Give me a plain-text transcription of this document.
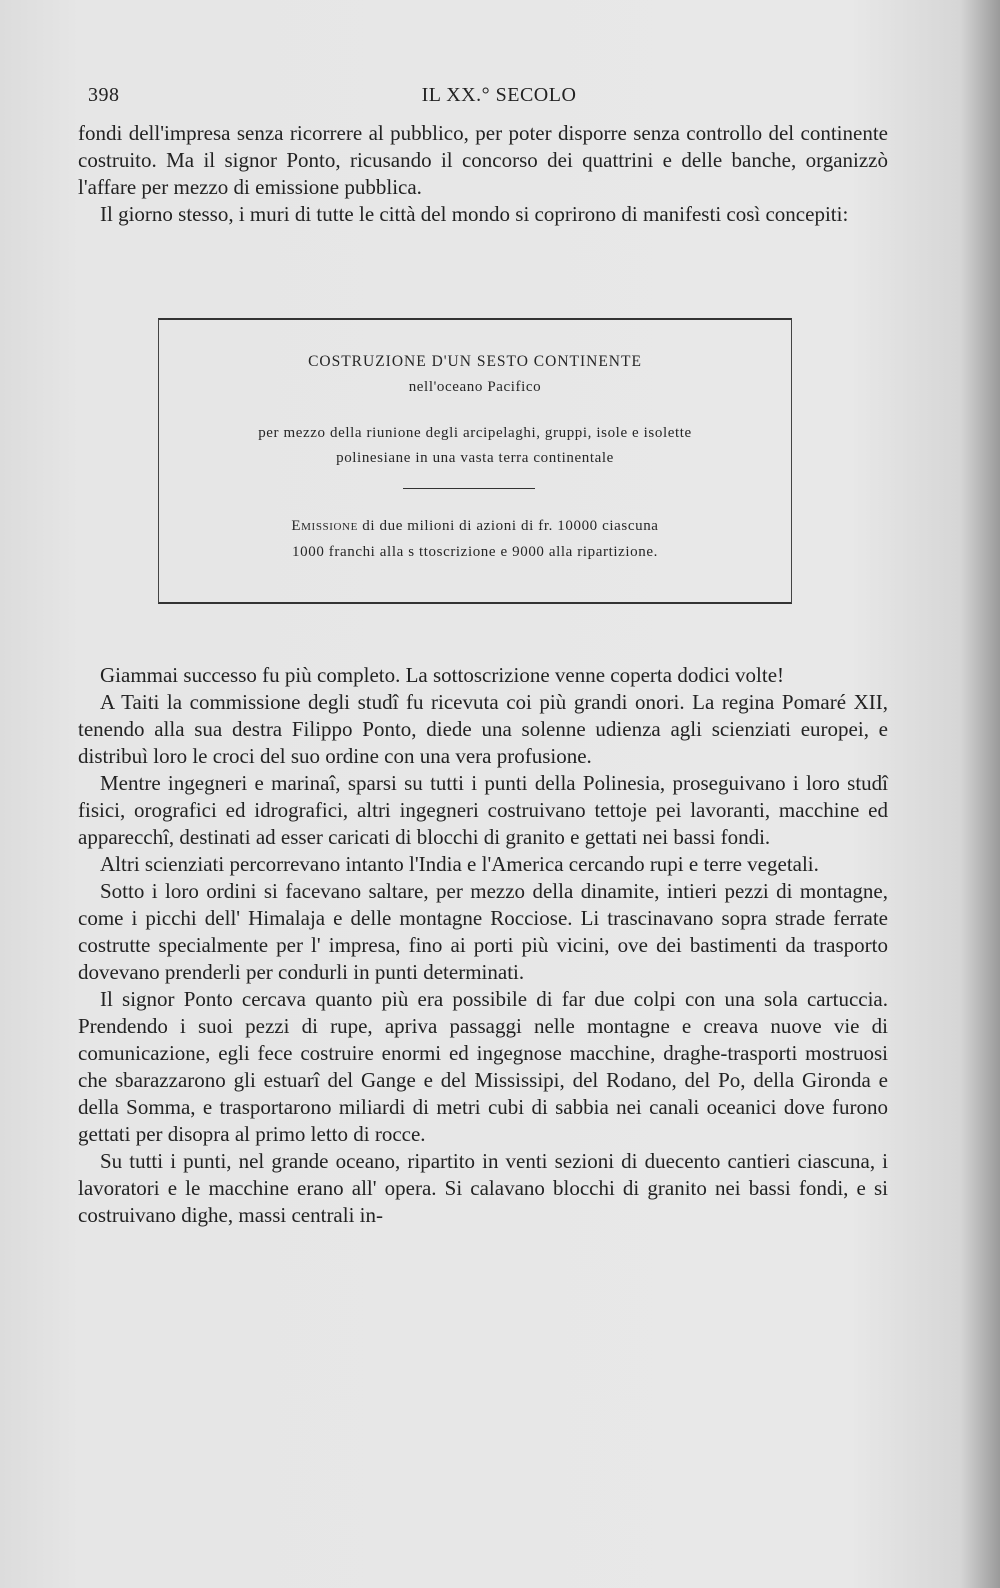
398	IL XX.° SECOLO

fondi dell'impresa senza ricorrere al pubblico, per poter disporre senza controllo del continente costruito. Ma il signor Ponto, ricusando il concorso dei quattrini e delle banche, organizzò l'affare per mezzo di emissione pubblica.

Il giorno stesso, i muri di tutte le città del mondo si coprirono di manifesti così concepiti:

COSTRUZIONE D'UN SESTO CONTINENTE
nell'oceano Pacifico
per mezzo della riunione degli arcipelaghi, gruppi, isole e isolette
polinesiane in una vasta terra continentale
Emissione di due milioni di azioni di fr. 10000 ciascuna
1000 franchi alla s ttoscrizione e 9000 alla ripartizione.

Giammai successo fu più completo. La sottoscrizione venne coperta dodici volte!

A Taiti la commissione degli studî fu ricevuta coi più grandi onori. La regina Pomaré XII, tenendo alla sua destra Filippo Ponto, diede una solenne udienza agli scienziati europei, e distribuì loro le croci del suo ordine con una vera profusione.

Mentre ingegneri e marinaî, sparsi su tutti i punti della Polinesia, proseguivano i loro studî fisici, orografici ed idrografici, altri ingegneri costruivano tettoje pei lavoranti, macchine ed apparecchî, destinati ad esser caricati di blocchi di granito e gettati nei bassi fondi.

Altri scienziati percorrevano intanto l'India e l'America cercando rupi e terre vegetali.

Sotto i loro ordini si facevano saltare, per mezzo della dinamite, intieri pezzi di montagne, come i picchi dell' Himalaja e delle montagne Rocciose. Li trascinavano sopra strade ferrate costrutte specialmente per l' impresa, fino ai porti più vicini, ove dei bastimenti da trasporto dovevano prenderli per condurli in punti determinati.

Il signor Ponto cercava quanto più era possibile di far due colpi con una sola cartuccia. Prendendo i suoi pezzi di rupe, apriva passaggi nelle montagne e creava nuove vie di comunicazione, egli fece costruire enormi ed ingegnose macchine, draghe-trasporti mostruosi che sbarazzarono gli estuarî del Gange e del Mississipi, del Rodano, del Po, della Gironda e della Somma, e trasportarono miliardi di metri cubi di sabbia nei canali oceanici dove furono gettati per disopra al primo letto di rocce.

Su tutti i punti, nel grande oceano, ripartito in venti sezioni di duecento cantieri ciascuna, i lavoratori e le macchine erano all' opera. Si calavano blocchi di granito nei bassi fondi, e si costruivano dighe, massi centrali in-
